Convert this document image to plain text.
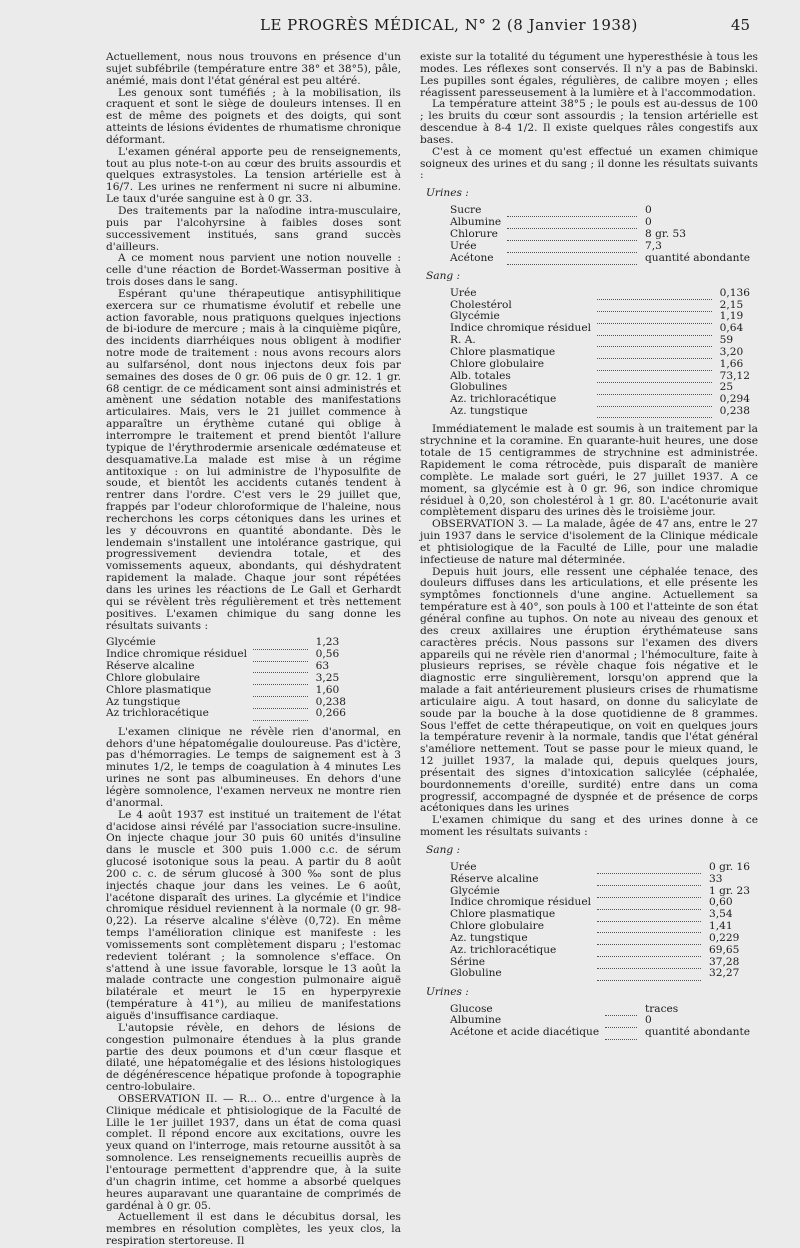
LE PROGRÈS MÉDICAL, N° 2 (8 Janvier 1938)	45

Actuellement, nous nous trouvons en présence d'un sujet subfébrile (température entre 38° et 38°5), pâle, anémié, mais dont l'état général est peu altéré.

Les genoux sont tuméfiés ; à la mobilisation, ils craquent et sont le siège de douleurs intenses. Il en est de même des poignets et des doigts, qui sont atteints de lésions évidentes de rhumatisme chronique déformant.

L'examen général apporte peu de renseignements, tout au plus note-t-on au cœur des bruits assourdis et quelques extrasystoles. La tension artérielle est à 16/7. Les urines ne renferment ni sucre ni albumine. Le taux d'urée sanguine est à 0 gr. 33.

Des traitements par la naïodine intra-musculaire, puis par l'alcohyrsine à faibles doses sont successivement institués, sans grand succès d'ailleurs.

A ce moment nous parvient une notion nouvelle : celle d'une réaction de Bordet-Wasserman positive à trois doses dans le sang.

Espérant qu'une thérapeutique antisyphilitique exercera sur ce rhumatisme évolutif et rebelle une action favorable, nous pratiquons quelques injections de bi-iodure de mercure ; mais à la cinquième piqûre, des incidents diarrhéiques nous obligent à modifier notre mode de traitement : nous avons recours alors au sulfarsénol, dont nous injectons deux fois par semaines des doses de 0 gr. 06 puis de 0 gr. 12. 1 gr. 68 centigr. de ce médicament sont ainsi administrés et amènent une sédation notable des manifestations articulaires. Mais, vers le 21 juillet commence à apparaître un érythème cutané qui oblige à interrompre le traitement et prend bientôt l'allure typique de l'érythrodermie arsenicale œdémateuse et desquamative.La malade est mise à un régime antitoxique : on lui administre de l'hyposulfite de soude, et bientôt les accidents cutanés tendent à rentrer dans l'ordre. C'est vers le 29 juillet que, frappés par l'odeur chloroformique de l'haleine, nous recherchons les corps cétoniques dans les urines et les y découvrons en quantité abondante. Dès le lendemain s'installent une intolérance gastrique, qui progressivement deviendra totale, et des vomissements aqueux, abondants, qui déshydratent rapidement la malade. Chaque jour sont répétées dans les urines les réactions de Le Gall et Gerhardt qui se révèlent très régulièrement et très nettement positives. L'examen chimique du sang donne les résultats suivants :

Glycémie		1,23
Indice chromique résiduel		0,56
Réserve alcaline		63
Chlore globulaire		3,25
Chlore plasmatique		1,60
Az tungstique		0,238
Az trichloracétique		0,266

L'examen clinique ne révèle rien d'anormal, en dehors d'une hépatomégalie douloureuse. Pas d'ictère, pas d'hémorragies. Le temps de saignement est à 3 minutes 1/2, le temps de coagulation à 4 minutes Les urines ne sont pas albumineuses. En dehors d'une légère somnolence, l'examen nerveux ne montre rien d'anormal.

Le 4 août 1937 est institué un traitement de l'état d'acidose ainsi révélé par l'association sucre-insuline. On injecte chaque jour 30 puis 60 unités d'insuline dans le muscle et 300 puis 1.000 c.c. de sérum glucosé isotonique sous la peau. A partir du 8 août 200 c. c. de sérum glucosé à 300 ‰ sont de plus injectés chaque jour dans les veines. Le 6 août, l'acétone disparaît des urines. La glycémie et l'indice chromique résiduel reviennent à la normale (0 gr. 98-0,22). La réserve alcaline s'élève (0,72). En même temps l'amélioration clinique est manifeste : les vomissements sont complètement disparu ; l'estomac redevient tolérant ; la somnolence s'efface. On s'attend à une issue favorable, lorsque le 13 août la malade contracte une congestion pulmonaire aiguë bilatérale et meurt le 15 en hyperpyrexie (température à 41°), au milieu de manifestations aiguës d'insuffisance cardiaque.

L'autopsie révèle, en dehors de lésions de congestion pulmonaire étendues à la plus grande partie des deux poumons et d'un cœur flasque et dilaté, une hépatomégalie et des lésions histologiques de dégénérescence hépatique profonde à topographie centro-lobulaire.

OBSERVATION II. — R... O... entre d'urgence à la Clinique médicale et phtisiologique de la Faculté de Lille le 1er juillet 1937, dans un état de coma quasi complet. Il répond encore aux excitations, ouvre les yeux quand on l'interroge, mais retourne aussitôt à sa somnolence. Les renseignements recueillis auprès de l'entourage permettent d'apprendre que, à la suite d'un chagrin intime, cet homme a absorbé quelques heures auparavant une quarantaine de comprimés de gardénal à 0 gr. 05.

Actuellement il est dans le décubitus dorsal, les membres en résolution complètes, les yeux clos, la respiration stertoreuse. Il

existe sur la totalité du tégument une hyperesthésie à tous les modes. Les réflexes sont conservés. Il n'y a pas de Babinski. Les pupilles sont égales, régulières, de calibre moyen ; elles réagissent paresseusement à la lumière et à l'accommodation.

La température atteint 38°5 ; le pouls est au-dessus de 100 ; les bruits du cœur sont assourdis ; la tension artérielle est descendue à 8-4 1/2. Il existe quelques râles congestifs aux bases.

C'est à ce moment qu'est effectué un examen chimique soigneux des urines et du sang ; il donne les résultats suivants :

Urines :
Sucre		0
Albumine		0
Chlorure		8 gr. 53
Urée		7,3
Acétone		quantité abondante
Sang :
Urée		0,136
Cholestérol		2,15
Glycémie		1,19
Indice chromique résiduel		0,64
R. A.		59
Chlore plasmatique		3,20
Chlore globulaire		1,66
Alb. totales		73,12
Globulines		25
Az. trichloracétique		0,294
Az. tungstique		0,238

Immédiatement le malade est soumis à un traitement par la strychnine et la coramine. En quarante-huit heures, une dose totale de 15 centigrammes de strychnine est administrée. Rapidement le coma rétrocède, puis disparaît de manière complète. Le malade sort guéri, le 27 juillet 1937. A ce moment, sa glycémie est à 0 gr. 96, son indice chromique résiduel à 0,20, son cholestérol à 1 gr. 80. L'acétonurie avait complètement disparu des urines dès le troisième jour.

OBSERVATION 3. — La malade, âgée de 47 ans, entre le 27 juin 1937 dans le service d'isolement de la Clinique médicale et phtisiologique de la Faculté de Lille, pour une maladie infectieuse de nature mal déterminée.

Depuis huit jours, elle ressent une céphalée tenace, des douleurs diffuses dans les articulations, et elle présente les symptômes fonctionnels d'une angine. Actuellement sa température est à 40°, son pouls à 100 et l'atteinte de son état général confine au tuphos. On note au niveau des genoux et des creux axillaires une éruption érythémateuse sans caractères précis. Nous passons sur l'examen des divers appareils qui ne révèle rien d'anormal ; l'hémoculture, faite à plusieurs reprises, se révèle chaque fois négative et le diagnostic erre singulièrement, lorsqu'on apprend que la malade a fait antérieurement plusieurs crises de rhumatisme articulaire aigu. A tout hasard, on donne du salicylate de soude par la bouche à la dose quotidienne de 8 grammes. Sous l'effet de cette thérapeutique, on voit en quelques jours la température revenir à la normale, tandis que l'état général s'améliore nettement. Tout se passe pour le mieux quand, le 12 juillet 1937, la malade qui, depuis quelques jours, présentait des signes d'intoxication salicylée (céphalée, bourdonnements d'oreille, surdité) entre dans un coma progressif, accompagné de dyspnée et de présence de corps acétoniques dans les urines

L'examen chimique du sang et des urines donne à ce moment les résultats suivants :

Sang :
Urée		0 gr. 16
Réserve alcaline		33
Glycémie		1 gr. 23
Indice chromique résiduel		0,60
Chlore plasmatique		3,54
Chlore globulaire		1,41
Az. tungstique		0,229
Az. trichloracétique		69,65
Sérine		37,28
Globuline		32,27
Urines :
Glucose		traces
Albumine		0
Acétone et acide diacétique		quantité abondante
